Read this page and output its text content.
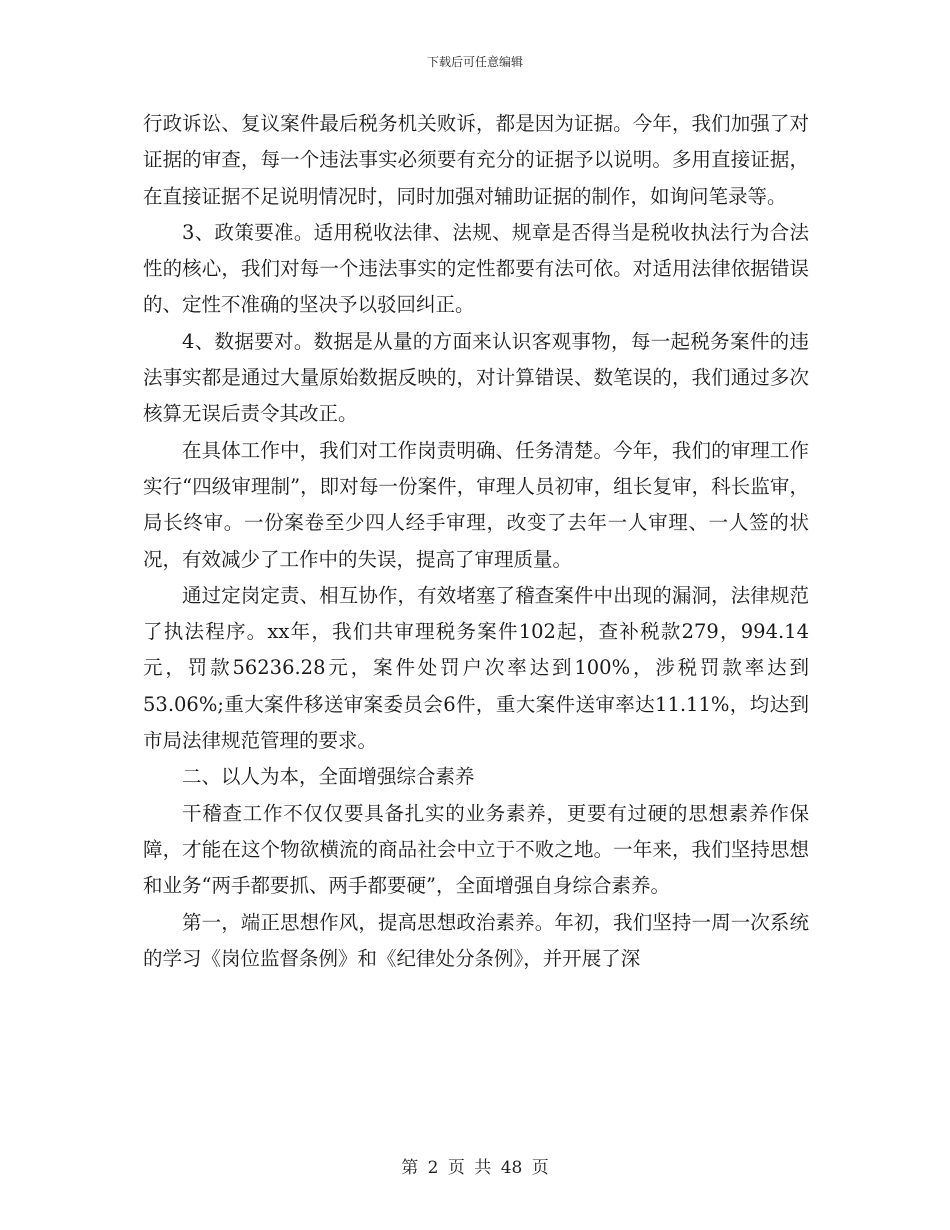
下载后可任意编辑

行政诉讼、复议案件最后税务机关败诉，都是因为证据。今年，我们加强了对证据的审查，每一个违法事实必须要有充分的证据予以说明。多用直接证据，在直接证据不足说明情况时，同时加强对辅助证据的制作，如询问笔录等。

3、政策要准。适用税收法律、法规、规章是否得当是税收执法行为合法性的核心，我们对每一个违法事实的定性都要有法可依。对适用法律依据错误的、定性不准确的坚决予以驳回纠正。

4、数据要对。数据是从量的方面来认识客观事物，每一起税务案件的违法事实都是通过大量原始数据反映的，对计算错误、数笔误的，我们通过多次核算无误后责令其改正。

在具体工作中，我们对工作岗责明确、任务清楚。今年，我们的审理工作实行“四级审理制”，即对每一份案件，审理人员初审，组长复审，科长监审，局长终审。一份案卷至少四人经手审理，改变了去年一人审理、一人签的状况，有效减少了工作中的失误，提高了审理质量。

通过定岗定责、相互协作，有效堵塞了稽查案件中出现的漏洞，法律规范了执法程序。xx年，我们共审理税务案件102起，查补税款279，994.14元，罚款56236.28元，案件处罚户次率达到100%，涉税罚款率达到53.06%;重大案件移送审案委员会6件，重大案件送审率达11.11%，均达到市局法律规范管理的要求。

二、以人为本，全面增强综合素养

干稽查工作不仅仅要具备扎实的业务素养，更要有过硬的思想素养作保障，才能在这个物欲横流的商品社会中立于不败之地。一年来，我们坚持思想和业务“两手都要抓、两手都要硬”，全面增强自身综合素养。

第一，端正思想作风，提高思想政治素养。年初，我们坚持一周一次系统的学习《岗位监督条例》和《纪律处分条例》，并开展了深

第 2 页 共 48 页
